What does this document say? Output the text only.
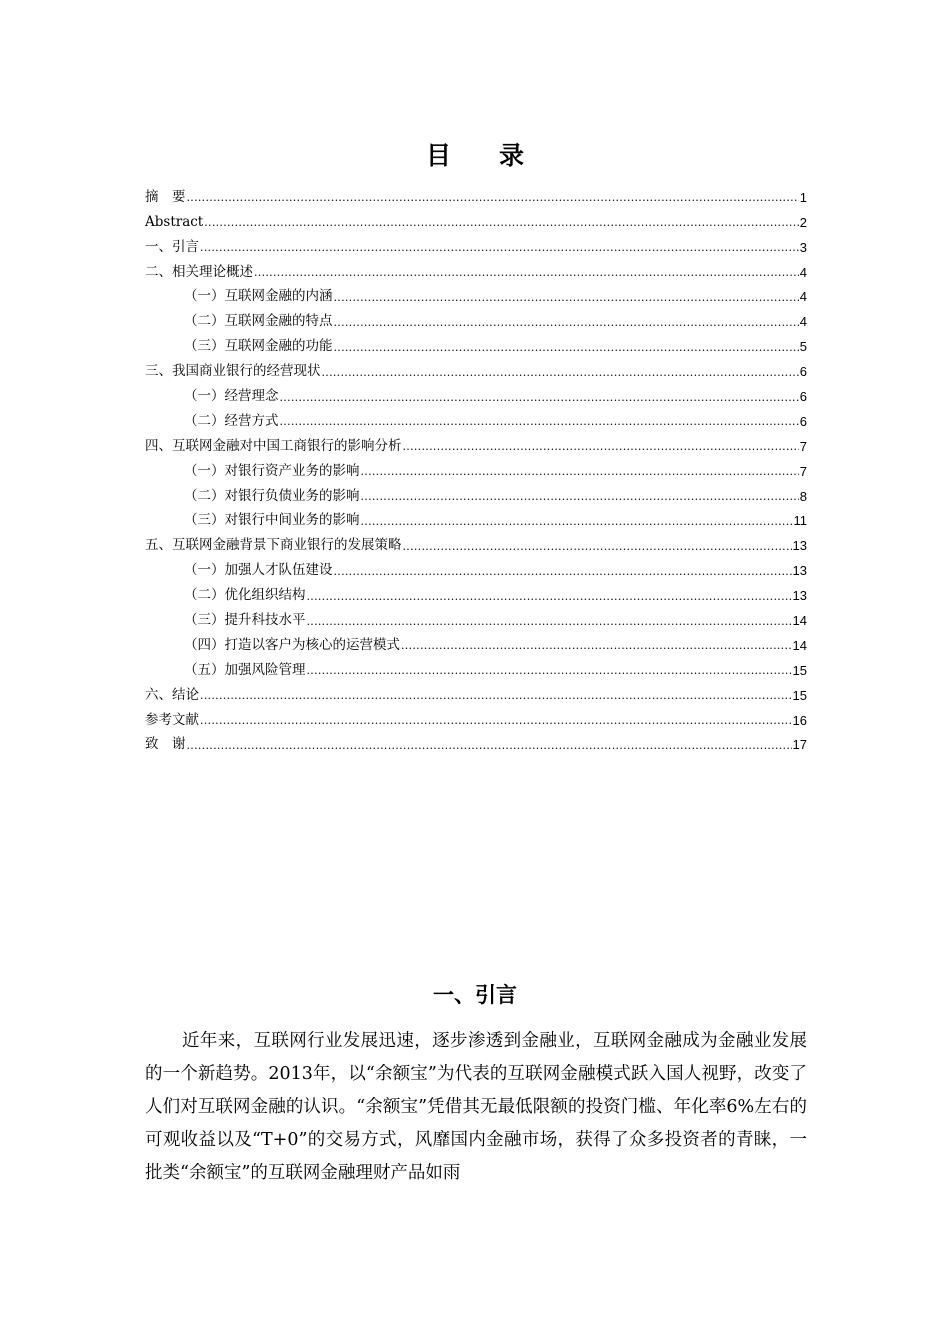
目 录
摘　要 .....	1
Abstract .....	2
一、引言 .....	3
二、相关理论概述 .....	4
（一）互联网金融的内涵 .....	4
（二）互联网金融的特点 .....	4
（三）互联网金融的功能 .....	5
三、我国商业银行的经营现状 .....	6
（一）经营理念 .....	6
（二）经营方式 .....	6
四、互联网金融对中国工商银行的影响分析 .....	7
（一）对银行资产业务的影响 .....	7
（二）对银行负债业务的影响 .....	8
（三）对银行中间业务的影响 .....	11
五、互联网金融背景下商业银行的发展策略 .....	13
（一）加强人才队伍建设 .....	13
（二）优化组织结构 .....	13
（三）提升科技水平 .....	14
（四）打造以客户为核心的运营模式 .....	14
（五）加强风险管理 .....	15
六、结论 .....	15
参考文献 .....	16
致　谢 .....	17
一、引言

近年来，互联网行业发展迅速，逐步渗透到金融业，互联网金融成为金融业发展的一个新趋势。2013年，以“余额宝”为代表的互联网金融模式跃入国人视野，改变了人们对互联网金融的认识。“余额宝”凭借其无最低限额的投资门槛、年化率6%左右的可观收益以及“T+0”的交易方式，风靡国内金融市场，获得了众多投资者的青睐，一批类“余额宝”的互联网金融理财产品如雨
